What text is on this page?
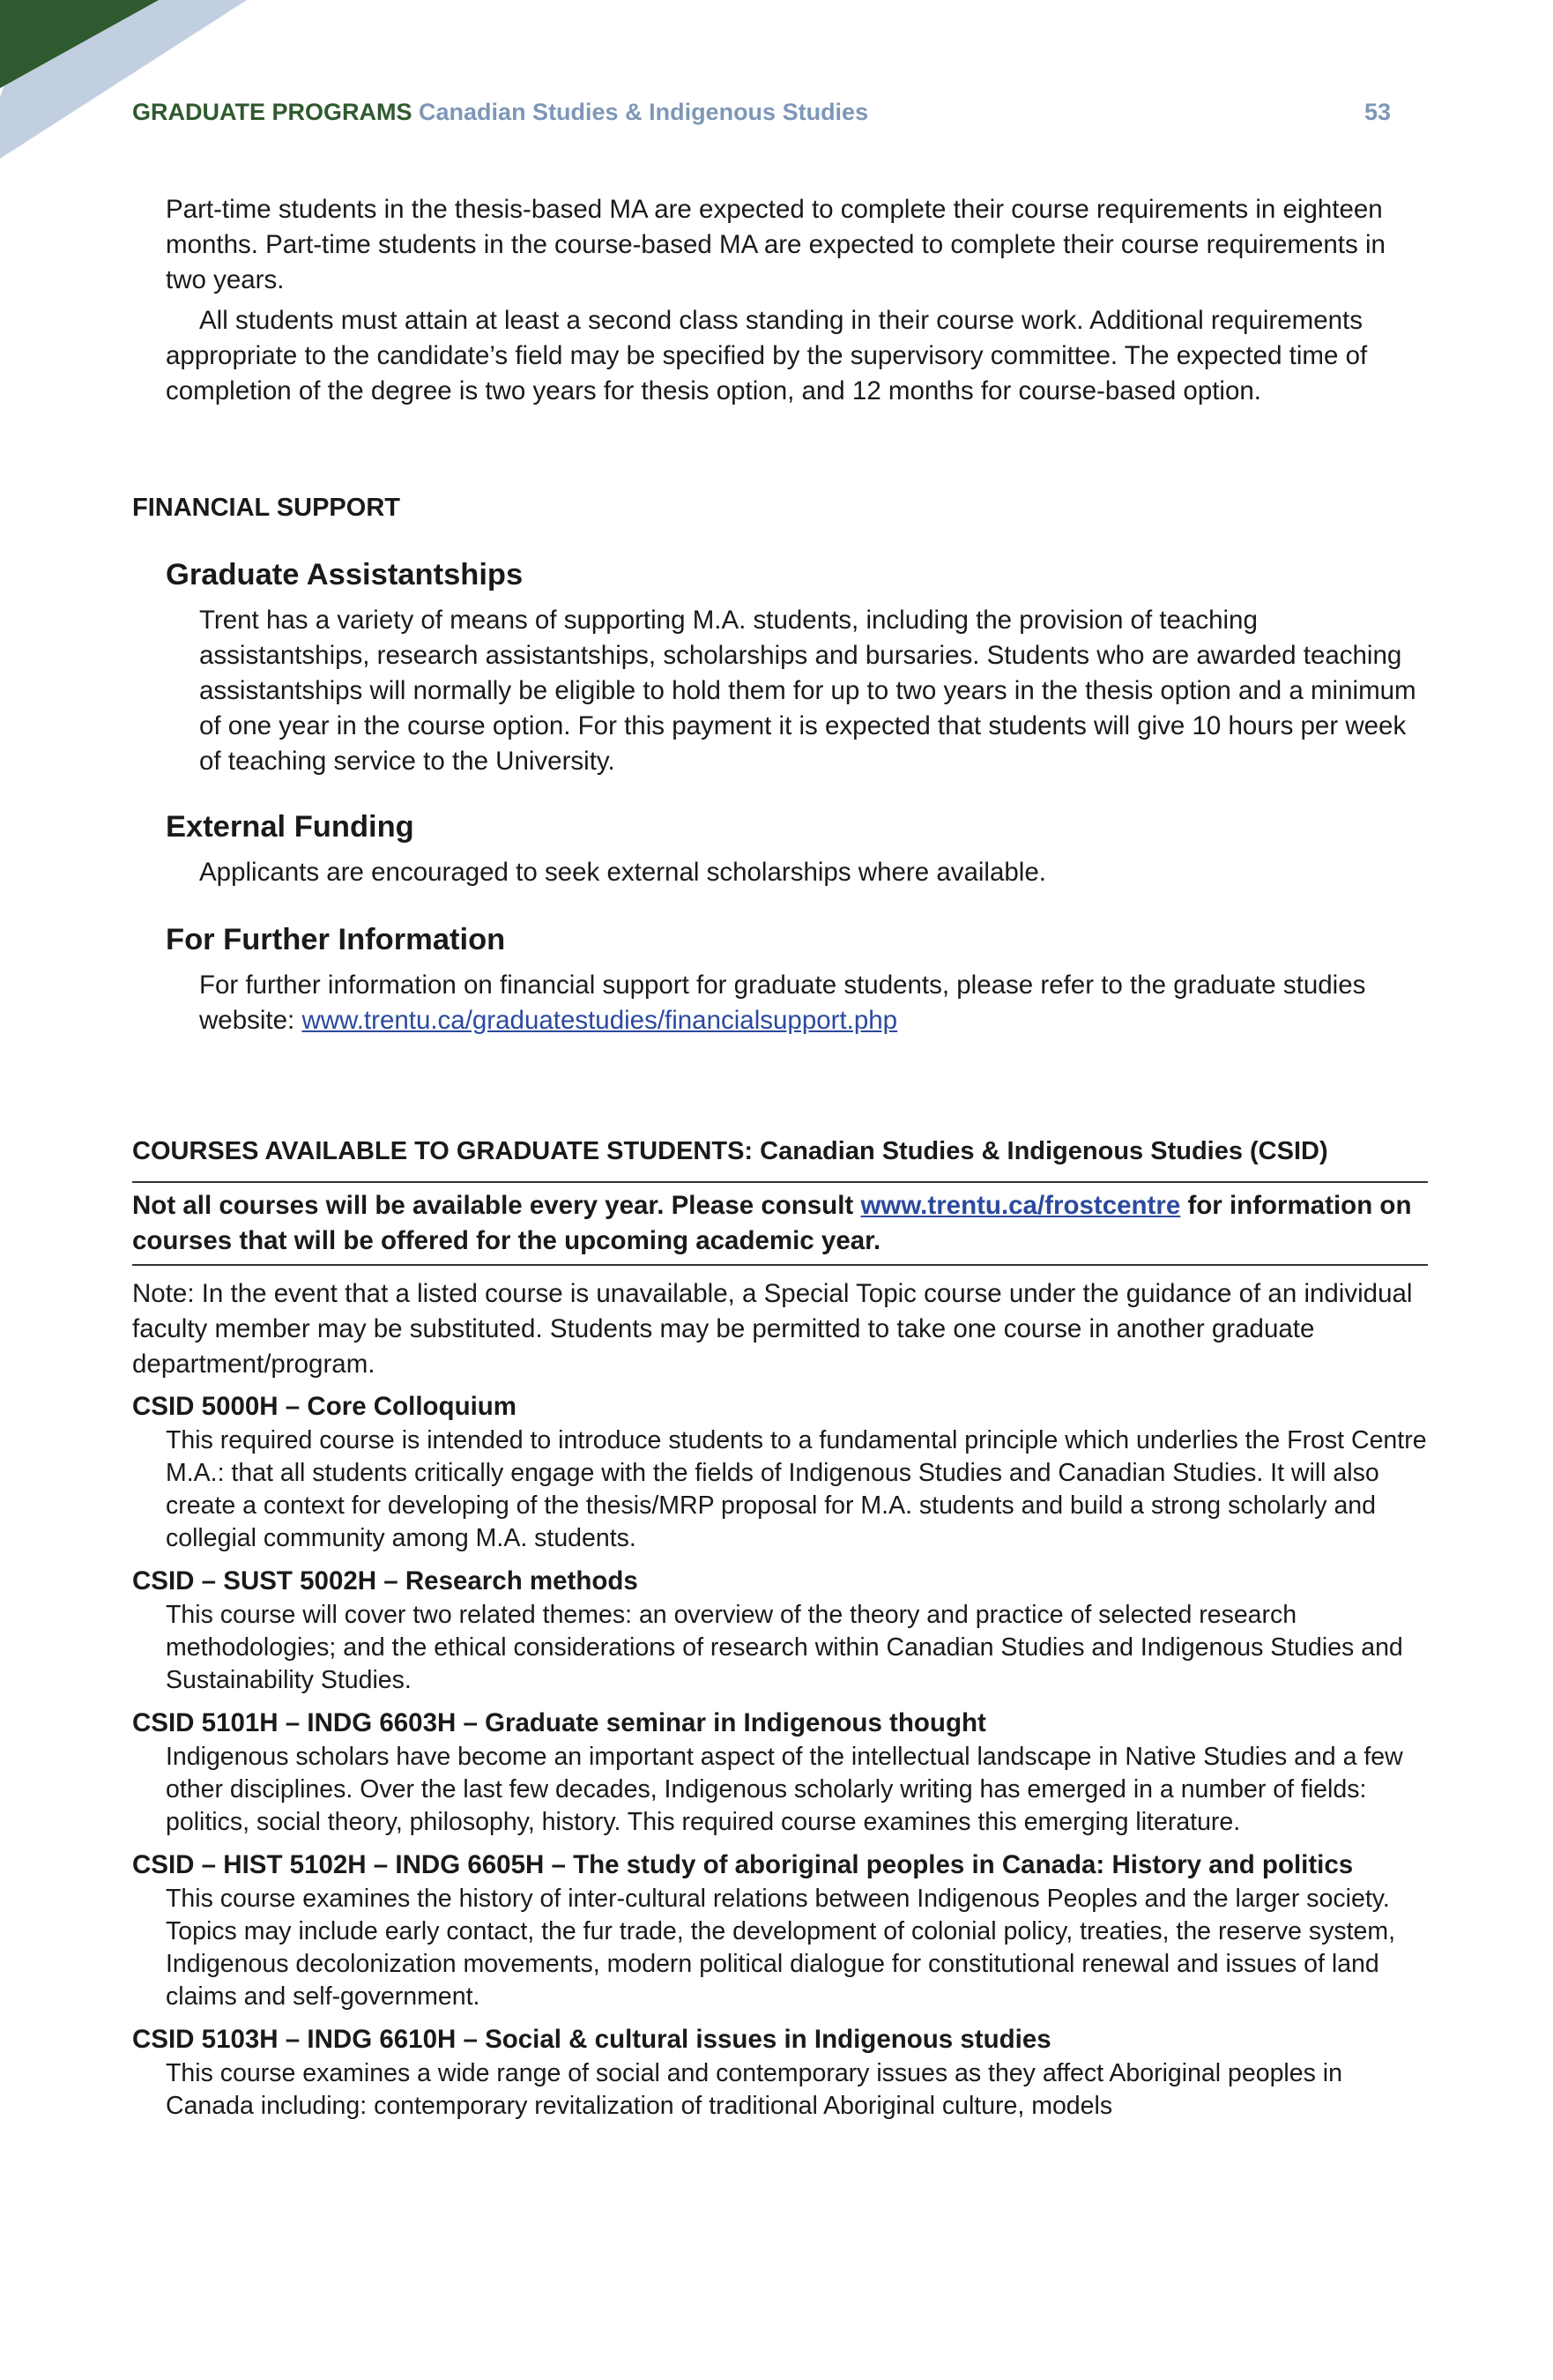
GRADUATE PROGRAMS Canadian Studies & Indigenous Studies	53

Part-time students in the thesis-based MA are expected to complete their course requirements in eighteen months. Part-time students in the course-based MA are expected to complete their course requirements in two years.

All students must attain at least a second class standing in their course work. Additional requirements appropriate to the candidate’s field may be specified by the supervisory committee. The expected time of completion of the degree is two years for thesis option, and 12 months for course-based option.

FINANCIAL SUPPORT
Graduate Assistantships

Trent has a variety of means of supporting M.A. students, including the provision of teaching assistantships, research assistantships, scholarships and bursaries. Students who are awarded teaching assistantships will normally be eligible to hold them for up to two years in the thesis option and a minimum of one year in the course option. For this payment it is expected that students will give 10 hours per week of teaching service to the University.

External Funding

Applicants are encouraged to seek external scholarships where available.

For Further Information

For further information on financial support for graduate students, please refer to the graduate studies website: www.trentu.ca/graduatestudies/financialsupport.php

COURSES AVAILABLE TO GRADUATE STUDENTS: Canadian Studies & Indigenous Studies (CSID)

Not all courses will be available every year. Please consult www.trentu.ca/frostcentre for information on courses that will be offered for the upcoming academic year.

Note: In the event that a listed course is unavailable, a Special Topic course under the guidance of an individual faculty member may be substituted. Students may be permitted to take one course in another graduate department/program.

CSID 5000H – Core Colloquium
This required course is intended to introduce students to a fundamental principle which underlies the Frost Centre M.A.: that all students critically engage with the fields of Indigenous Studies and Canadian Studies. It will also create a context for developing of the thesis/MRP proposal for M.A. students and build a strong scholarly and collegial community among M.A. students.
CSID – SUST 5002H – Research methods
This course will cover two related themes: an overview of the theory and practice of selected research methodologies; and the ethical considerations of research within Canadian Studies and Indigenous Studies and Sustainability Studies.
CSID 5101H – INDG 6603H – Graduate seminar in Indigenous thought
Indigenous scholars have become an important aspect of the intellectual landscape in Native Studies and a few other disciplines. Over the last few decades, Indigenous scholarly writing has emerged in a number of fields: politics, social theory, philosophy, history. This required course examines this emerging literature.
CSID – HIST 5102H – INDG 6605H – The study of aboriginal peoples in Canada: History and politics
This course examines the history of inter-cultural relations between Indigenous Peoples and the larger society. Topics may include early contact, the fur trade, the development of colonial policy, treaties, the reserve system, Indigenous decolonization movements, modern political dialogue for constitutional renewal and issues of land claims and self-government.
CSID 5103H – INDG 6610H – Social & cultural issues in Indigenous studies
This course examines a wide range of social and contemporary issues as they affect Aboriginal peoples in Canada including: contemporary revitalization of traditional Aboriginal culture, models
